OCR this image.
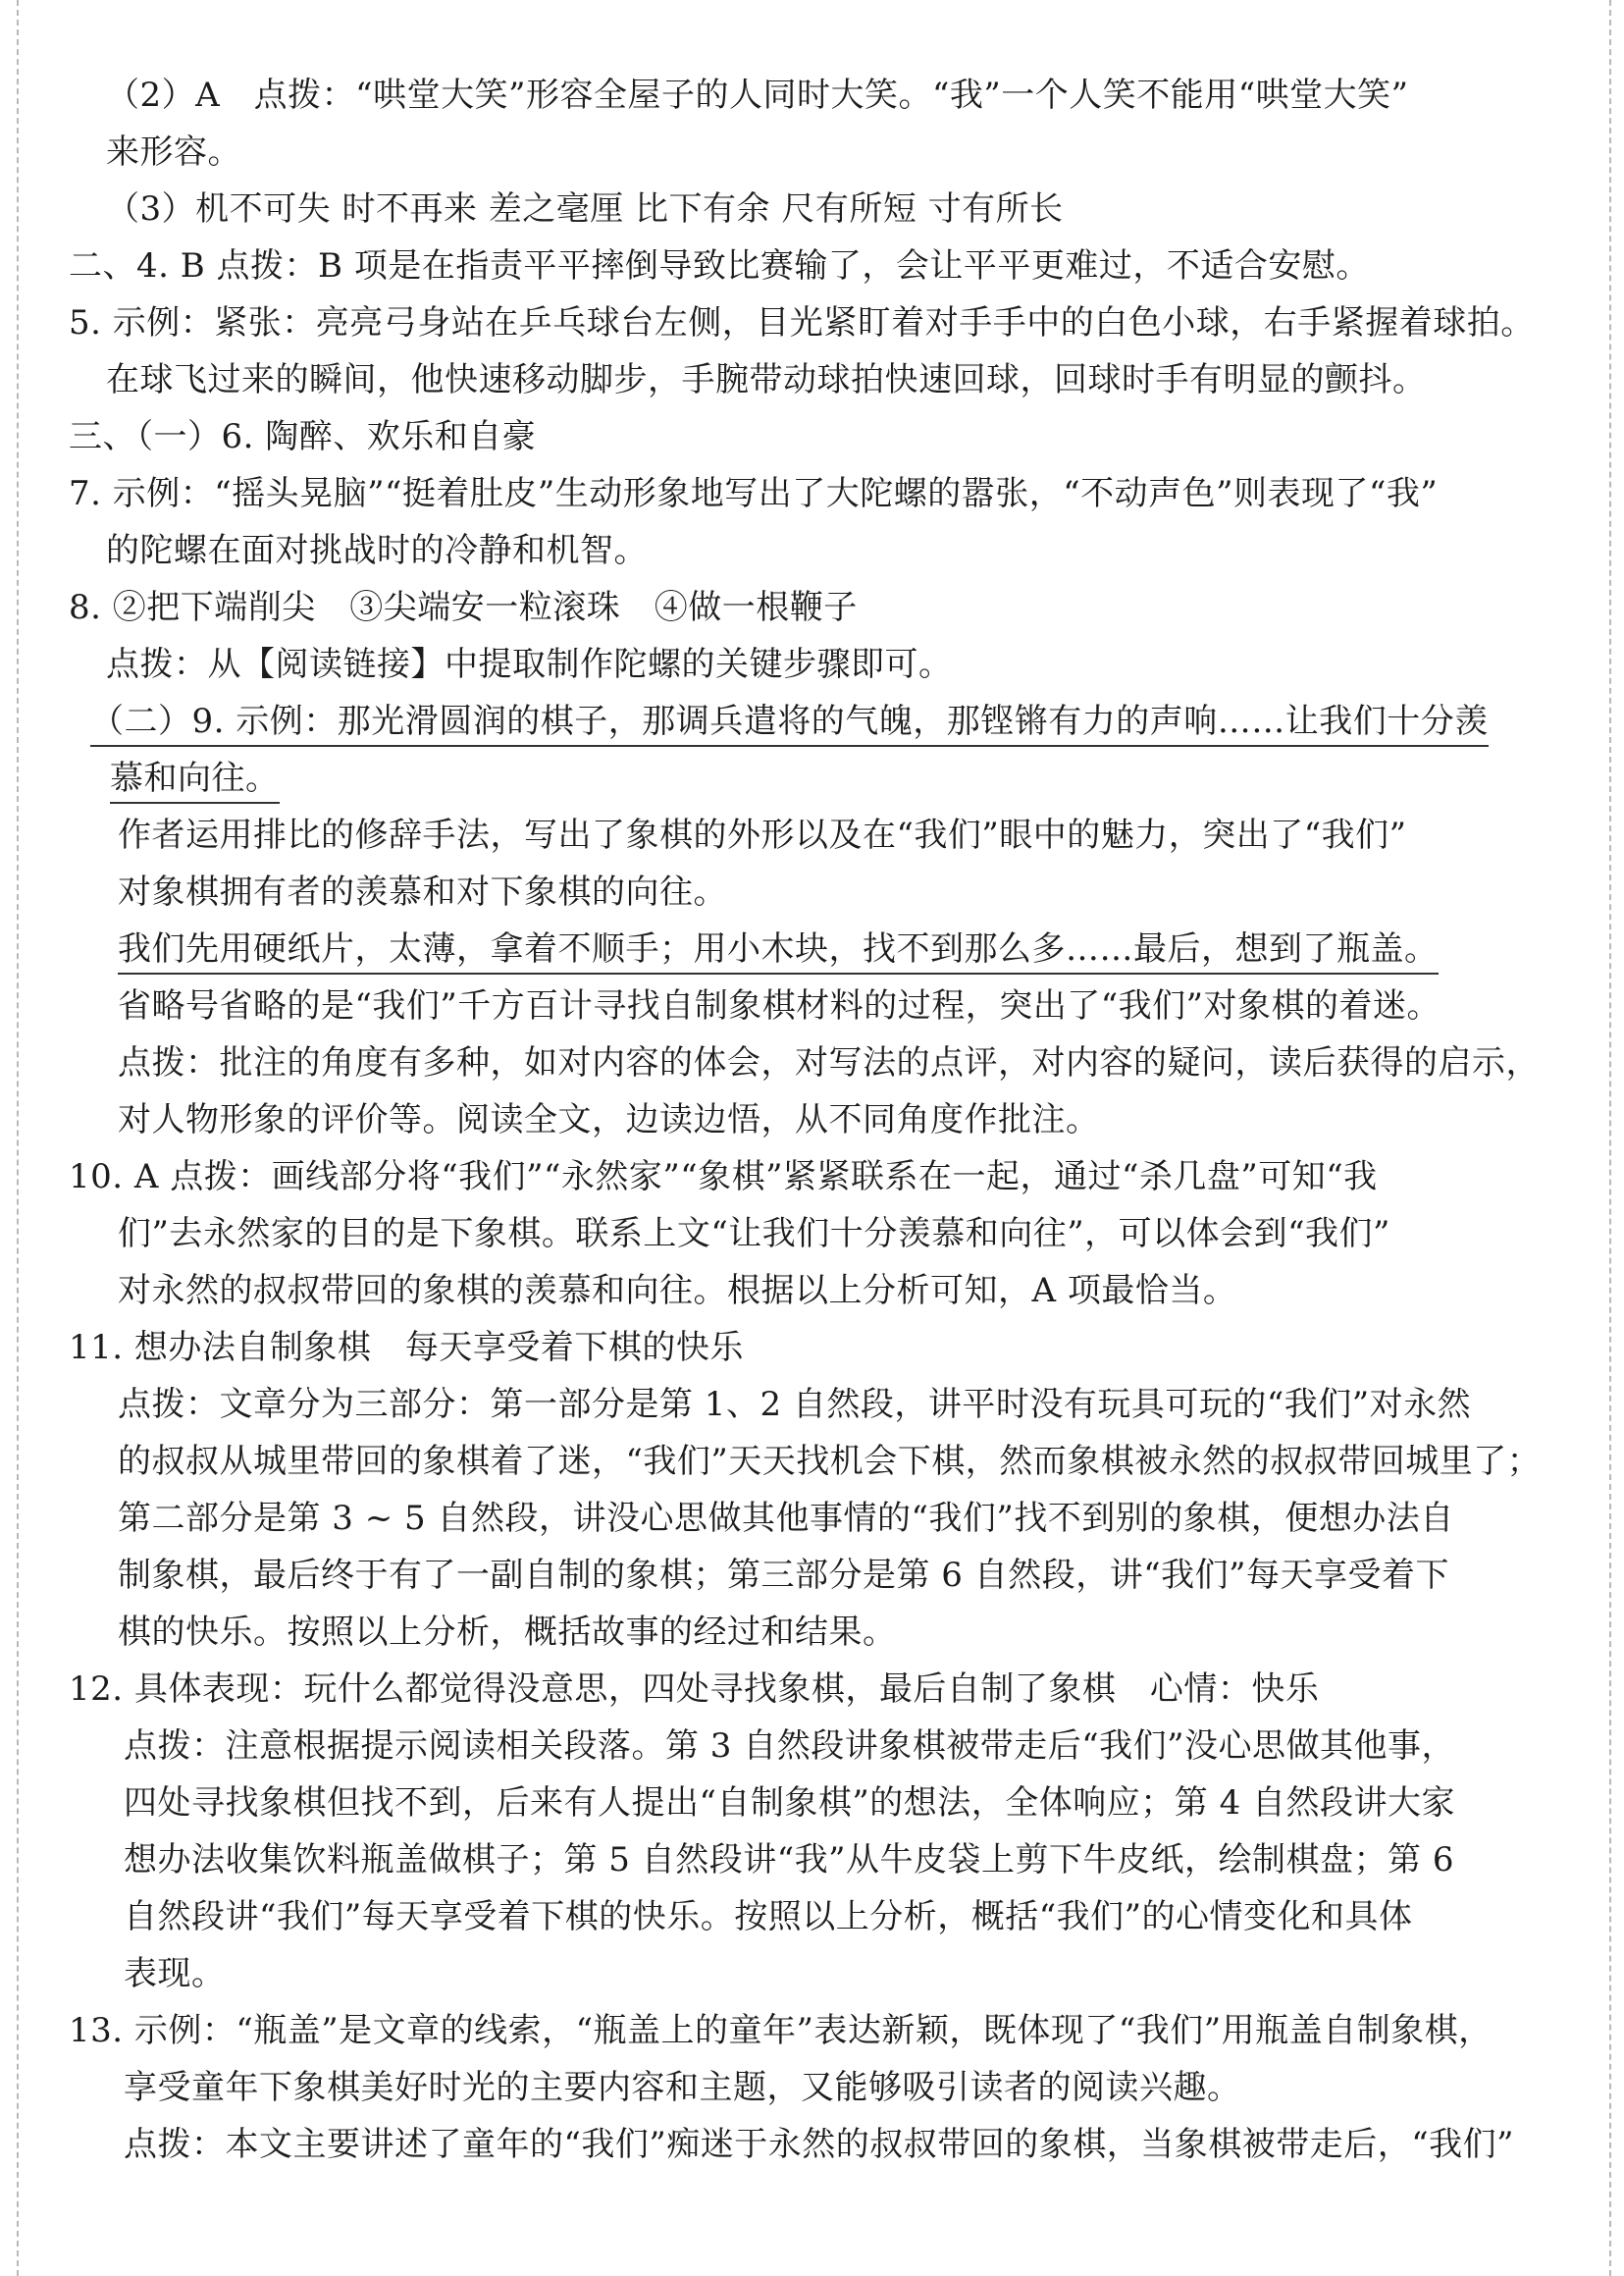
（2）A　点拨：“哄堂大笑”形容全屋子的人同时大笑。“我”一个人笑不能用“哄堂大笑”
来形容。
（3）机不可失 时不再来 差之毫厘 比下有余 尺有所短 寸有所长
二、4. B 点拨：B 项是在指责平平摔倒导致比赛输了，会让平平更难过，不适合安慰。
5. 示例：紧张：亮亮弓身站在乒乓球台左侧，目光紧盯着对手手中的白色小球，右手紧握着球拍。
在球飞过来的瞬间，他快速移动脚步，手腕带动球拍快速回球，回球时手有明显的颤抖。
三、（一）6. 陶醉、欢乐和自豪
7. 示例：“摇头晃脑”“挺着肚皮”生动形象地写出了大陀螺的嚣张，“不动声色”则表现了“我”
的陀螺在面对挑战时的冷静和机智。
8. ②把下端削尖　③尖端安一粒滚珠　④做一根鞭子
点拨：从【阅读链接】中提取制作陀螺的关键步骤即可。
（二）9. 示例：那光滑圆润的棋子，那调兵遣将的气魄，那铿锵有力的声响……让我们十分羡
慕和向往。
作者运用排比的修辞手法，写出了象棋的外形以及在“我们”眼中的魅力，突出了“我们”
对象棋拥有者的羡慕和对下象棋的向往。
我们先用硬纸片，太薄，拿着不顺手；用小木块，找不到那么多……最后，想到了瓶盖。
省略号省略的是“我们”千方百计寻找自制象棋材料的过程，突出了“我们”对象棋的着迷。
点拨：批注的角度有多种，如对内容的体会，对写法的点评，对内容的疑问，读后获得的启示，
对人物形象的评价等。阅读全文，边读边悟，从不同角度作批注。
10. A 点拨：画线部分将“我们”“永然家”“象棋”紧紧联系在一起，通过“杀几盘”可知“我
们”去永然家的目的是下象棋。联系上文“让我们十分羡慕和向往”，可以体会到“我们”
对永然的叔叔带回的象棋的羡慕和向往。根据以上分析可知，A 项最恰当。
11. 想办法自制象棋　每天享受着下棋的快乐
点拨：文章分为三部分：第一部分是第 1、2 自然段，讲平时没有玩具可玩的“我们”对永然
的叔叔从城里带回的象棋着了迷，“我们”天天找机会下棋，然而象棋被永然的叔叔带回城里了；
第二部分是第 3 ~ 5 自然段，讲没心思做其他事情的“我们”找不到别的象棋，便想办法自
制象棋，最后终于有了一副自制的象棋；第三部分是第 6 自然段，讲“我们”每天享受着下
棋的快乐。按照以上分析，概括故事的经过和结果。
12. 具体表现：玩什么都觉得没意思，四处寻找象棋，最后自制了象棋　心情：快乐
点拨：注意根据提示阅读相关段落。第 3 自然段讲象棋被带走后“我们”没心思做其他事，
四处寻找象棋但找不到，后来有人提出“自制象棋”的想法，全体响应；第 4 自然段讲大家
想办法收集饮料瓶盖做棋子；第 5 自然段讲“我”从牛皮袋上剪下牛皮纸，绘制棋盘；第 6
自然段讲“我们”每天享受着下棋的快乐。按照以上分析，概括“我们”的心情变化和具体
表现。
13. 示例：“瓶盖”是文章的线索，“瓶盖上的童年”表达新颖，既体现了“我们”用瓶盖自制象棋，
享受童年下象棋美好时光的主要内容和主题，又能够吸引读者的阅读兴趣。
点拨：本文主要讲述了童年的“我们”痴迷于永然的叔叔带回的象棋，当象棋被带走后，“我们”
